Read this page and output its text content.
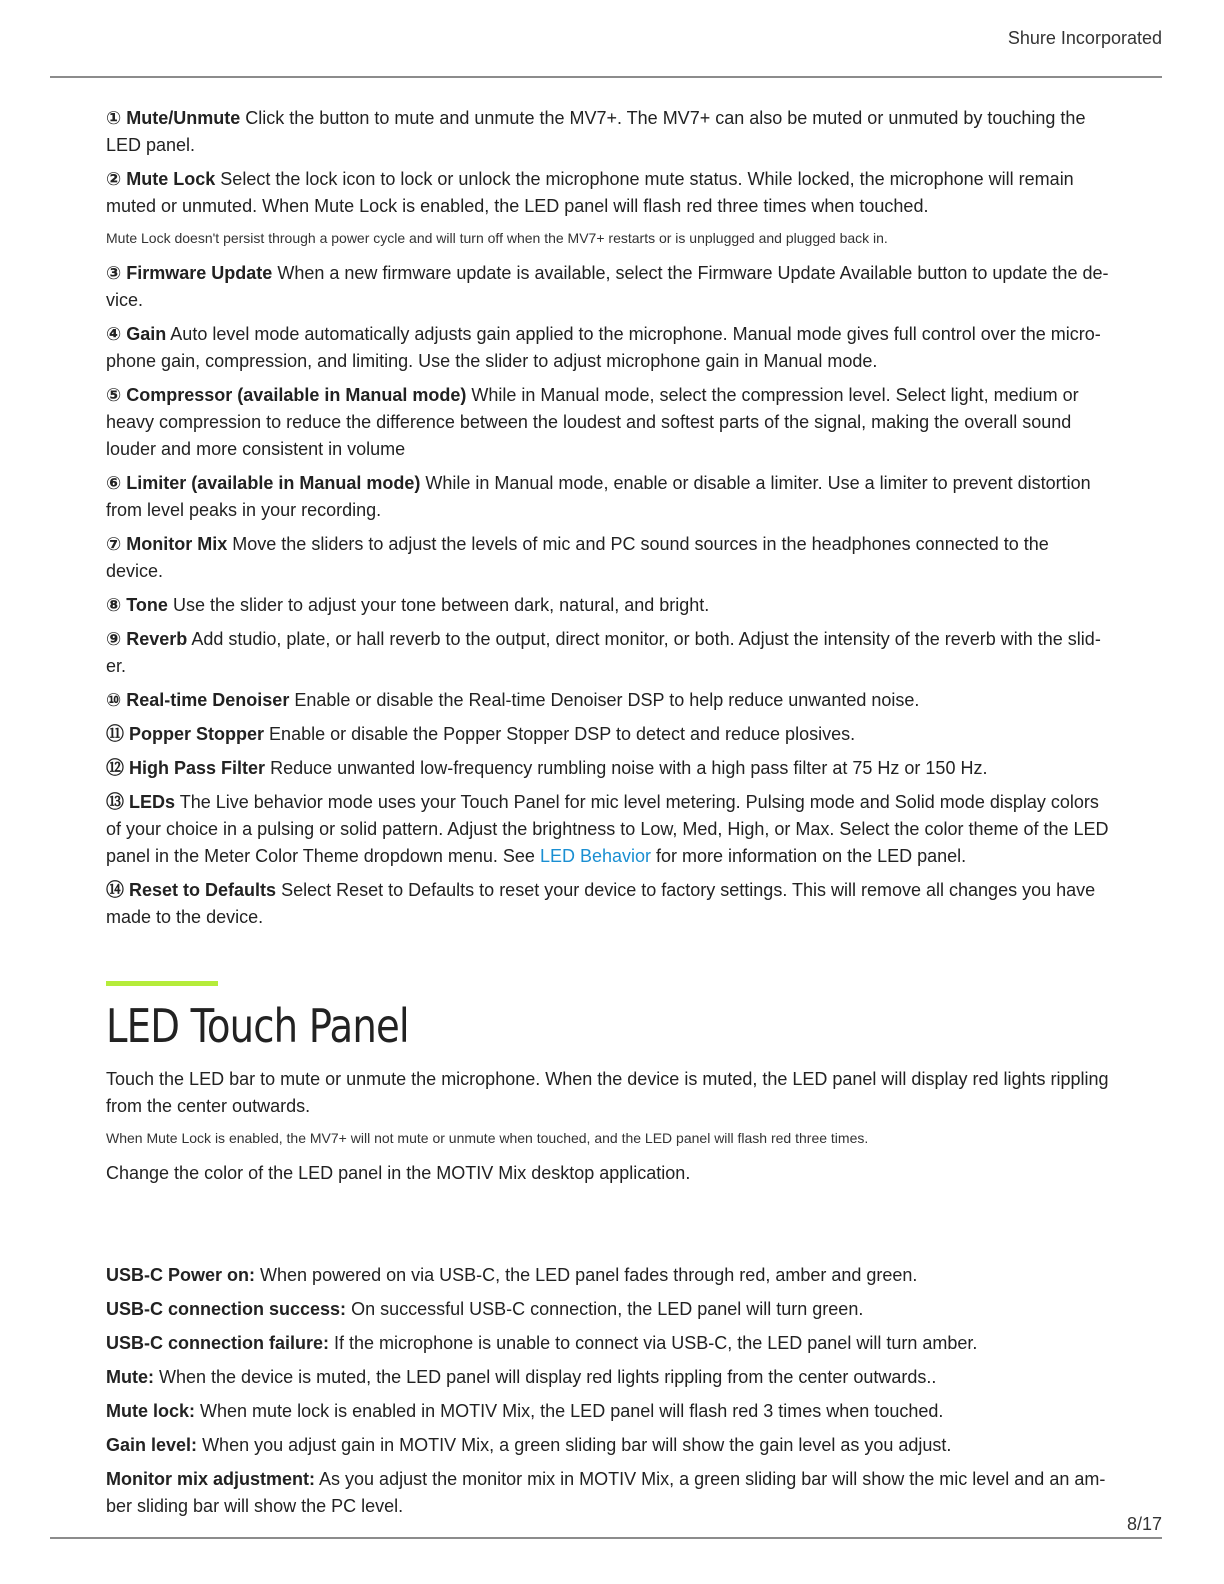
Shure Incorporated

① Mute/Unmute Click the button to mute and unmute the MV7+. The MV7+ can also be muted or unmuted by touching the LED panel.

② Mute Lock Select the lock icon to lock or unlock the microphone mute status. While locked, the microphone will remain muted or unmuted. When Mute Lock is enabled, the LED panel will flash red three times when touched.

Mute Lock doesn't persist through a power cycle and will turn off when the MV7+ restarts or is unplugged and plugged back in.

③ Firmware Update When a new firmware update is available, select the Firmware Update Available button to update the device.

④ Gain Auto level mode automatically adjusts gain applied to the microphone. Manual mode gives full control over the microphone gain, compression, and limiting. Use the slider to adjust microphone gain in Manual mode.

⑤ Compressor (available in Manual mode) While in Manual mode, select the compression level. Select light, medium or heavy compression to reduce the difference between the loudest and softest parts of the signal, making the overall sound louder and more consistent in volume

⑥ Limiter (available in Manual mode) While in Manual mode, enable or disable a limiter. Use a limiter to prevent distortion from level peaks in your recording.

⑦ Monitor Mix Move the sliders to adjust the levels of mic and PC sound sources in the headphones connected to the device.

⑧ Tone Use the slider to adjust your tone between dark, natural, and bright.

⑨ Reverb Add studio, plate, or hall reverb to the output, direct monitor, or both. Adjust the intensity of the reverb with the slider.

⑩ Real-time Denoiser Enable or disable the Real-time Denoiser DSP to help reduce unwanted noise.

⑪ Popper Stopper Enable or disable the Popper Stopper DSP to detect and reduce plosives.

⑫ High Pass Filter Reduce unwanted low-frequency rumbling noise with a high pass filter at 75 Hz or 150 Hz.

⑬ LEDs The Live behavior mode uses your Touch Panel for mic level metering. Pulsing mode and Solid mode display colors of your choice in a pulsing or solid pattern. Adjust the brightness to Low, Med, High, or Max. Select the color theme of the LED panel in the Meter Color Theme dropdown menu. See LED Behavior for more information on the LED panel.

⑭ Reset to Defaults Select Reset to Defaults to reset your device to factory settings. This will remove all changes you have made to the device.

LED Touch Panel

Touch the LED bar to mute or unmute the microphone. When the device is muted, the LED panel will display red lights rippling from the center outwards.

When Mute Lock is enabled, the MV7+ will not mute or unmute when touched, and the LED panel will flash red three times.

Change the color of the LED panel in the MOTIV Mix desktop application.

USB-C Power on: When powered on via USB-C, the LED panel fades through red, amber and green.

USB-C connection success: On successful USB-C connection, the LED panel will turn green.

USB-C connection failure: If the microphone is unable to connect via USB-C, the LED panel will turn amber.

Mute: When the device is muted, the LED panel will display red lights rippling from the center outwards..

Mute lock: When mute lock is enabled in MOTIV Mix, the LED panel will flash red 3 times when touched.

Gain level: When you adjust gain in MOTIV Mix, a green sliding bar will show the gain level as you adjust.

Monitor mix adjustment: As you adjust the monitor mix in MOTIV Mix, a green sliding bar will show the mic level and an amber sliding bar will show the PC level.

8/17
